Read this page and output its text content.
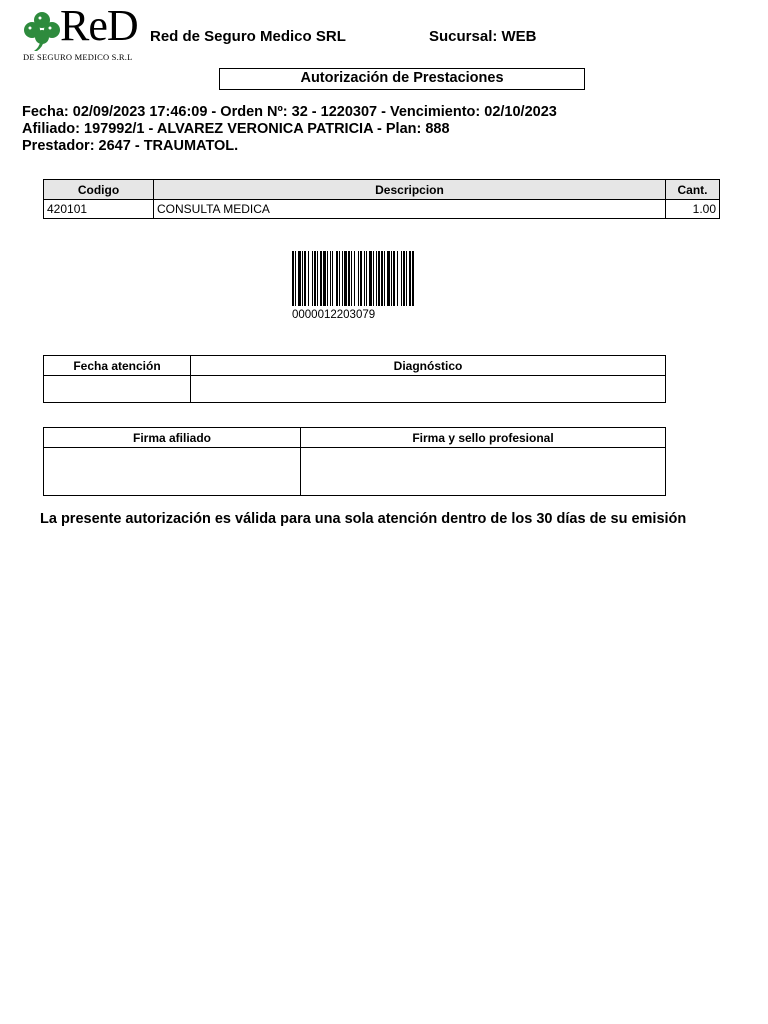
ReD
DE SEGURO MEDICO S.R.L
Red de Seguro Medico SRL	Sucursal: WEB
Autorización de Prestaciones
Fecha: 02/09/2023 17:46:09 - Orden Nº: 32 - 1220307 - Vencimiento: 02/10/2023
Afiliado: 197992/1 - ALVAREZ VERONICA PATRICIA - Plan: 888
Prestador: 2647 - TRAUMATOL.
Codigo	Descripcion	Cant.
420101	CONSULTA MEDICA	1.00
0000012203079
Fecha atención	Diagnóstico

Firma afiliado	Firma y sello profesional

La presente autorización es válida para una sola atención dentro de los 30 días de su emisión
